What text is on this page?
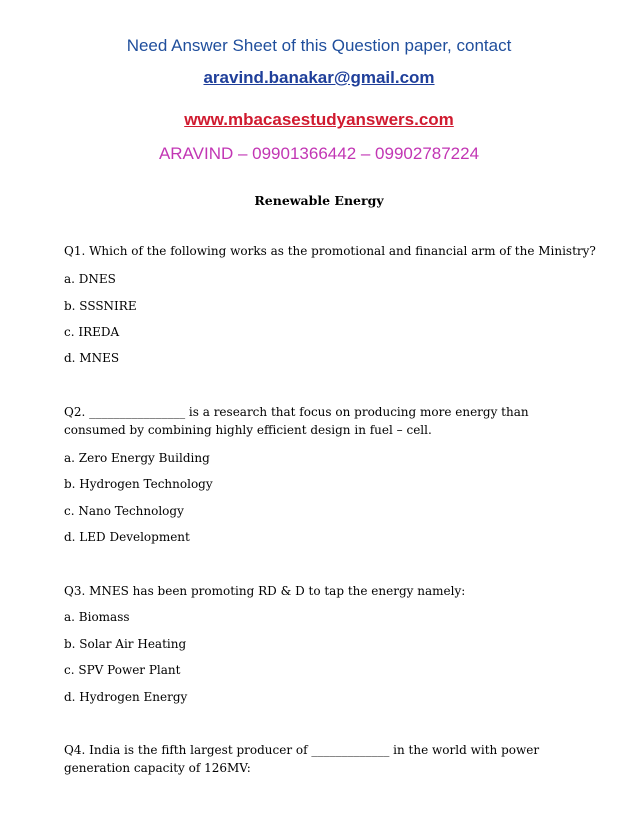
Need Answer Sheet of this Question paper, contact
aravind.banakar@gmail.com
www.mbacasestudyanswers.com
ARAVIND – 09901366442 – 09902787224
Renewable Energy
Q1. Which of the following works as the promotional and financial arm of the Ministry?
a. DNES
b. SSSNIRE
c. IREDA
d. MNES
Q2. ________________ is a research that focus on producing more energy than
consumed by combining highly efficient design in fuel – cell.
a. Zero Energy Building
b. Hydrogen Technology
c. Nano Technology
d. LED Development
Q3. MNES has been promoting RD & D to tap the energy namely:
a. Biomass
b. Solar Air Heating
c. SPV Power Plant
d. Hydrogen Energy
Q4. India is the fifth largest producer of _____________ in the world with power
generation capacity of 126MV:
